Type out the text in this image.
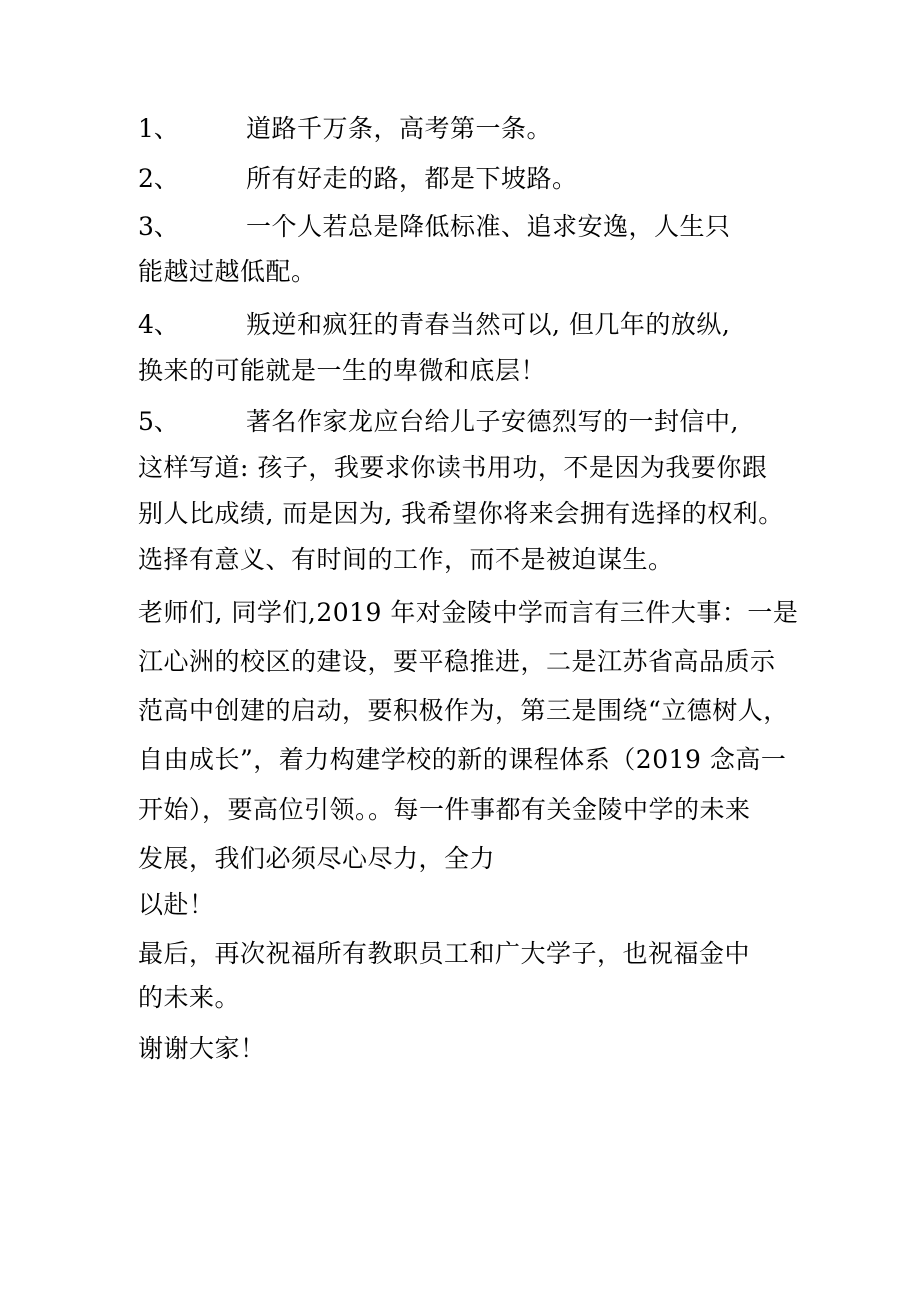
1、	道路千万条，高考第一条。
2、	所有好走的路，都是下坡路。
3、	一个人若总是降低标准、追求安逸，人生只
能越过越低配。
4、	叛逆和疯狂的青春当然可以, 但几年的放纵,
换来的可能就是一生的卑微和底层！
5、	著名作家龙应台给儿子安德烈写的一封信中,
这样写道: 孩子，我要求你读书用功，不是因为我要你跟
别人比成绩, 而是因为, 我希望你将来会拥有选择的权利。
选择有意义、有时间的工作，而不是被迫谋生。
老师们, 同学们,2019 年对金陵中学而言有三件大事：一是
江心洲的校区的建设，要平稳推进，二是江苏省高品质示
范高中创建的启动，要积极作为，第三是围绕“立德树人，
自由成长”，着力构建学校的新的课程体系（2019 念高一
开始），要高位引领。。每一件事都有关金陵中学的未来
发展，我们必须尽心尽力，全力
以赴！
最后，再次祝福所有教职员工和广大学子，也祝福金中
的未来。
谢谢大家！
